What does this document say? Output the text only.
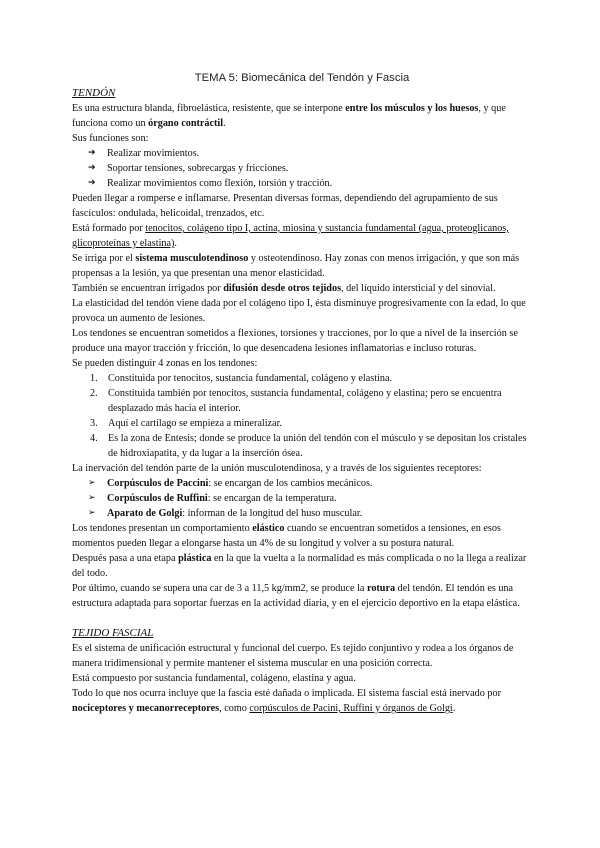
TEMA 5: Biomecánica del Tendón y Fascia

TENDÓN

Es una estructura blanda, fibroelástica, resistente, que se interpone entre los músculos y los huesos, y que funciona como un órgano contráctil.

Sus funciones son:

➔ Realizar movimientos.
➔ Soportar tensiones, sobrecargas y fricciones.
➔ Realizar movimientos como flexión, torsión y tracción.

Pueden llegar a romperse e inflamarse. Presentan diversas formas, dependiendo del agrupamiento de sus fascículos: ondulada, helicoidal, trenzados, etc.

Está formado por tenocitos, colágeno tipo I, actina, miosina y sustancia fundamental (agua, proteoglicanos, glicoproteínas y elastina).

Se irriga por el sistema musculotendinoso y osteotendinoso. Hay zonas con menos irrigación, y que son más propensas a la lesión, ya que presentan una menor elasticidad.

También se encuentran irrigados por difusión desde otros tejidos, del líquido intersticial y del sinovial.

La elasticidad del tendón viene dada por el colágeno tipo I, ésta disminuye progresivamente con la edad, lo que provoca un aumento de lesiones.

Los tendones se encuentran sometidos a flexiones, torsiones y tracciones, por lo que a nivel de la inserción se produce una mayor tracción y fricción, lo que desencadena lesiones inflamatorias e incluso roturas.

Se pueden distinguir 4 zonas en los tendones:

1. Constituida por tenocitos, sustancia fundamental, colágeno y elastina.
2. Constituida también por tenocitos, sustancia fundamental, colágeno y elastina; pero se encuentra desplazado más hacia el interior.
3. Aquí el cartílago se empieza a mineralizar.
4. Es la zona de Entesis; donde se produce la unión del tendón con el músculo y se depositan los cristales de hidroxiapatita, y da lugar a la inserción ósea.

La inervación del tendón parte de la unión musculotendinosa, y a través de los siguientes receptores:

➢ Corpúsculos de Paccini: se encargan de los cambios mecánicos.
➢ Corpúsculos de Ruffini: se encargan de la temperatura.
➢ Aparato de Golgi: informan de la longitud del huso muscular.

Los tendones presentan un comportamiento elástico cuando se encuentran sometidos a tensiones, en esos momentos pueden llegar a elongarse hasta un 4% de su longitud y volver a su postura natural.

Después pasa a una etapa plástica en la que la vuelta a la normalidad es más complicada o no la llega a realizar del todo.

Por último, cuando se supera una car de 3 a 11,5 kg/mm2, se produce la rotura del tendón. El tendón es una estructura adaptada para soportar fuerzas en la actividad diaria, y en el ejercicio deportivo en la etapa elástica.

TEJIDO FASCIAL

Es el sistema de unificación estructural y funcional del cuerpo. Es tejido conjuntivo y rodea a los órganos de manera tridimensional y permite mantener el sistema muscular en una posición correcta.

Está compuesto por sustancia fundamental, colágeno, elastina y agua.

Todo lo que nos ocurra incluye que la fascia esté dañada o implicada. El sistema fascial está inervado por nociceptores y mecanorreceptores, como corpúsculos de Pacini, Ruffini y órganos de Golgi.
